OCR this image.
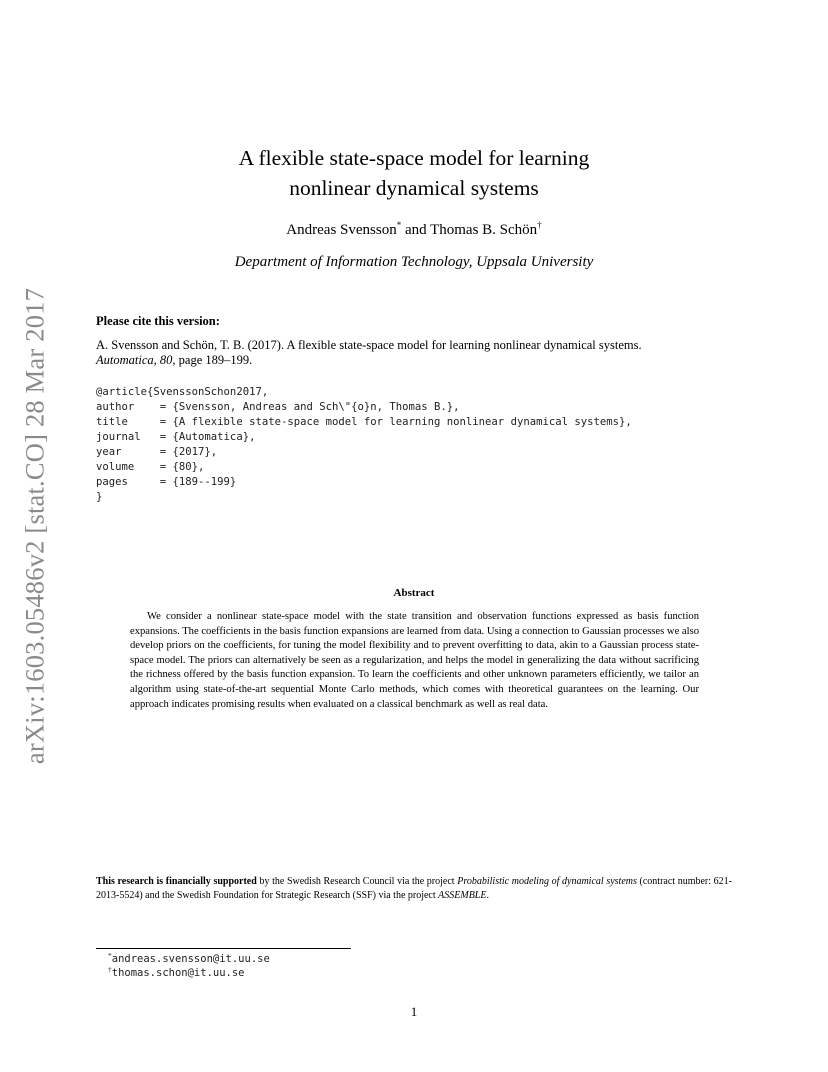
arXiv:1603.05486v2 [stat.CO] 28 Mar 2017
A flexible state-space model for learning
nonlinear dynamical systems
Andreas Svensson* and Thomas B. Schön†
Department of Information Technology, Uppsala University
Please cite this version:
A. Svensson and Schön, T. B. (2017). A flexible state-space model for learning nonlinear dynamical systems.
Automatica, 80, page 189–199.
@article{SvenssonSchon2017,
author    = {Svensson, Andreas and Sch\"{o}n, Thomas B.},
title     = {A flexible state-space model for learning nonlinear dynamical systems},
journal   = {Automatica},
year      = {2017},
volume    = {80},
pages     = {189--199}
}
Abstract

We consider a nonlinear state-space model with the state transition and observation functions expressed as basis function expansions. The coefficients in the basis function expansions are learned from data. Using a connection to Gaussian processes we also develop priors on the coefficients, for tuning the model flexibility and to prevent overfitting to data, akin to a Gaussian process state-space model. The priors can alternatively be seen as a regularization, and helps the model in generalizing the data without sacrificing the richness offered by the basis function expansion. To learn the coefficients and other unknown parameters efficiently, we tailor an algorithm using state-of-the-art sequential Monte Carlo methods, which comes with theoretical guarantees on the learning. Our approach indicates promising results when evaluated on a classical benchmark as well as real data.

This research is financially supported by the Swedish Research Council via the project Probabilistic modeling of dynamical systems (contract number: 621-2013-5524) and the Swedish Foundation for Strategic Research (SSF) via the project ASSEMBLE.

*andreas.svensson@it.uu.se
†thomas.schon@it.uu.se
1
